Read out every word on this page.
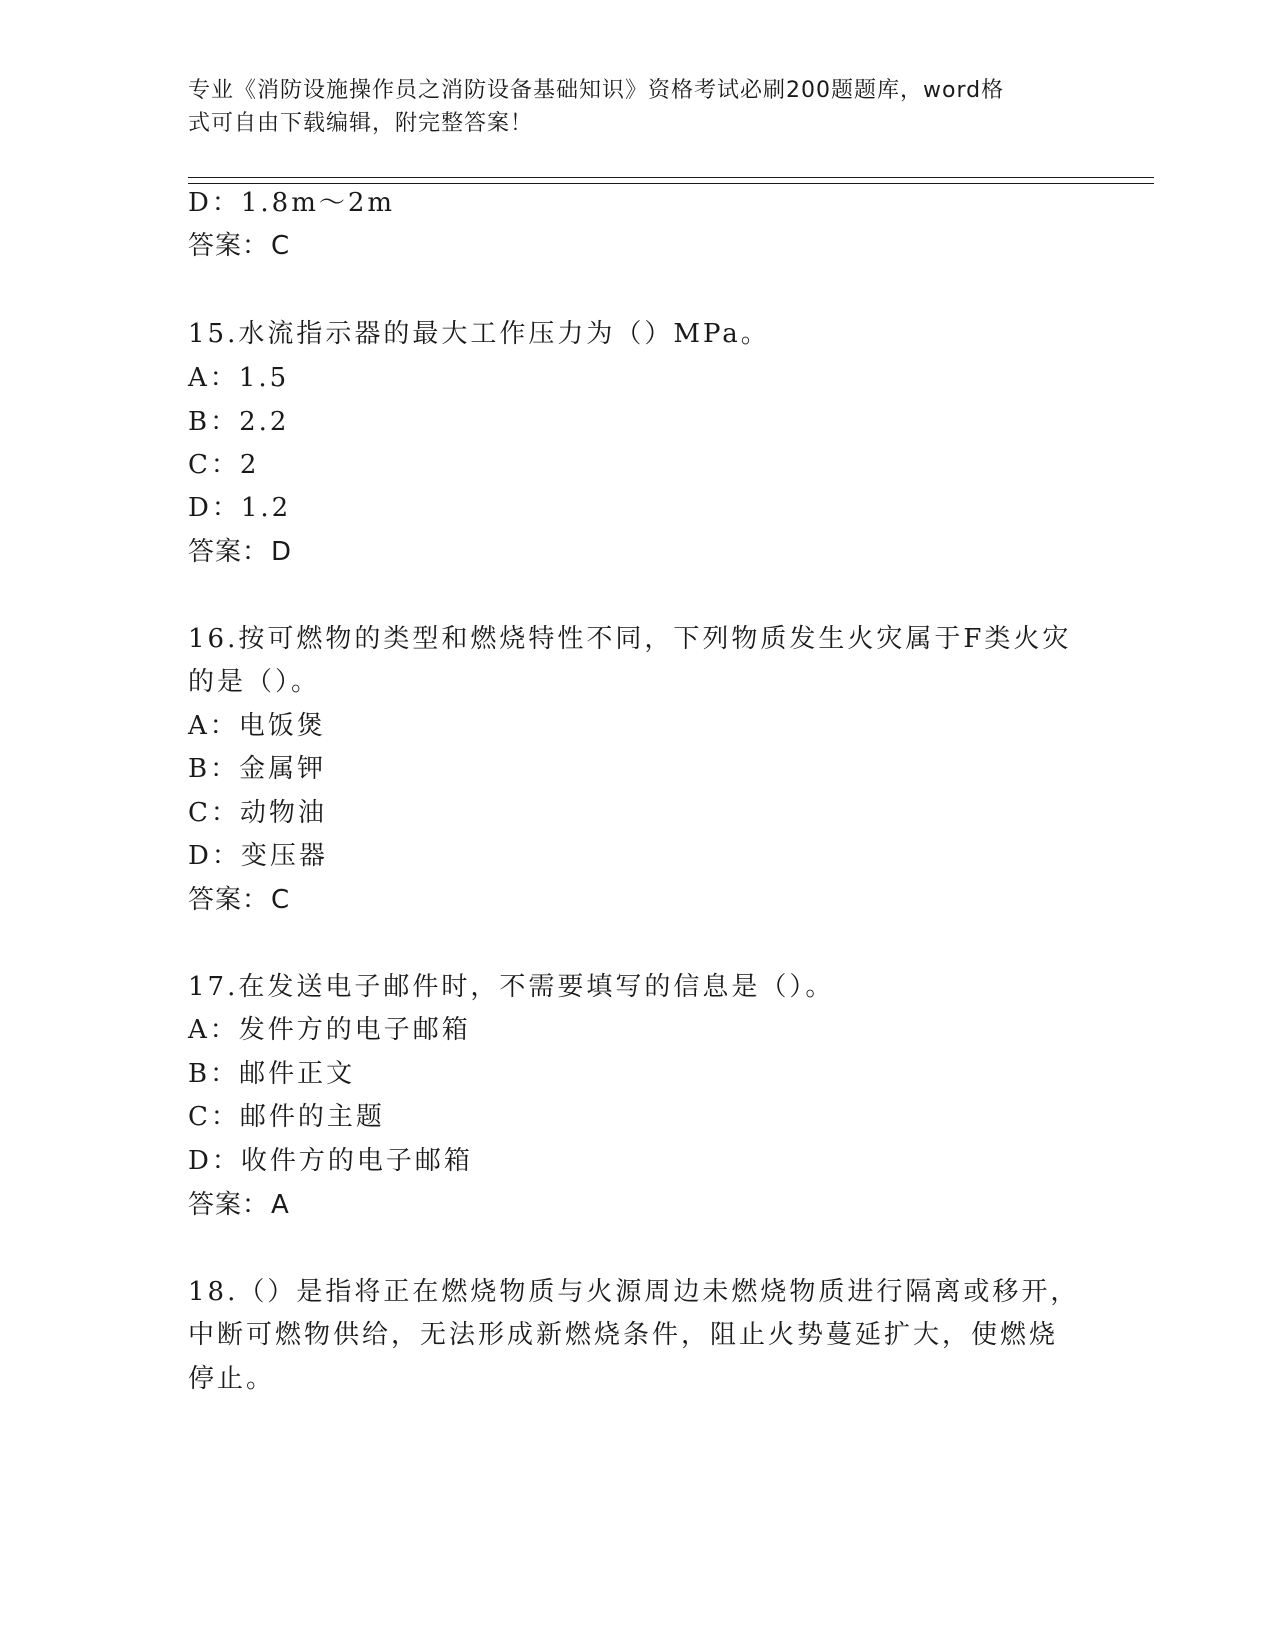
专业《消防设施操作员之消防设备基础知识》资格考试必刷200题题库，word格
式可自由下载编辑，附完整答案！
D：1.8m～2m
答案：C
15.水流指示器的最大工作压力为（）MPa。
A：1.5
B：2.2
C：2
D：1.2
答案：D
16.按可燃物的类型和燃烧特性不同，下列物质发生火灾属于F类火灾
的是（）。
A：电饭煲
B：金属钾
C：动物油
D：变压器
答案：C
17.在发送电子邮件时，不需要填写的信息是（）。
A：发件方的电子邮箱
B：邮件正文
C：邮件的主题
D：收件方的电子邮箱
答案：A
18.（）是指将正在燃烧物质与火源周边未燃烧物质进行隔离或移开，
中断可燃物供给，无法形成新燃烧条件，阻止火势蔓延扩大，使燃烧
停止。
